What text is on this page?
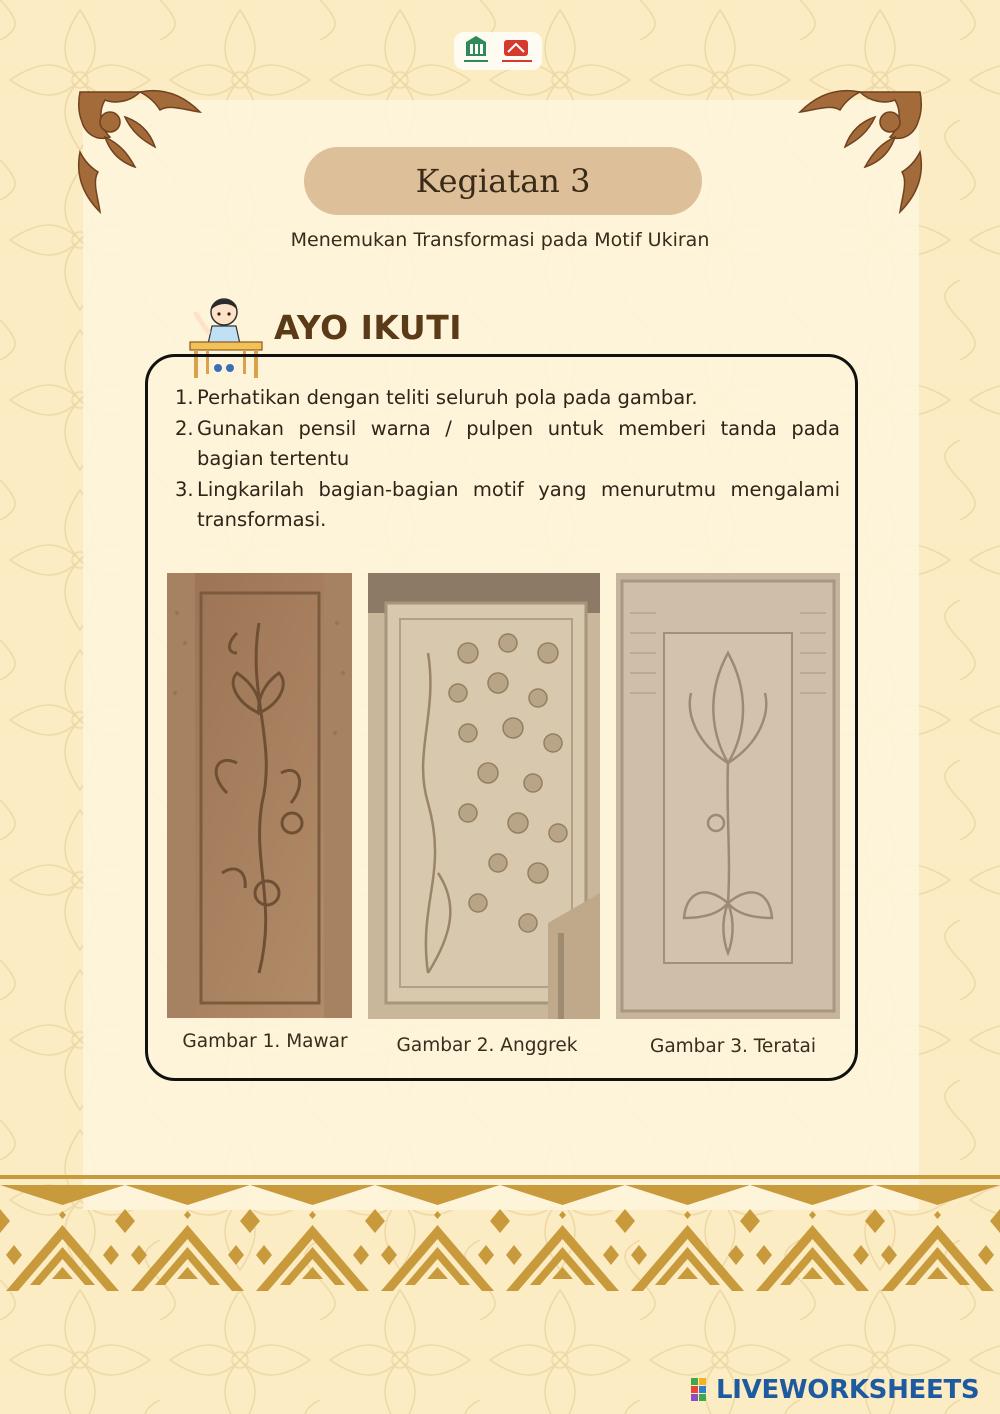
Kegiatan 3
Menemukan Transformasi pada Motif Ukiran
AYO IKUTI
1. Perhatikan dengan teliti seluruh pola pada gambar.
2. Gunakan pensil warna / pulpen untuk memberi tanda pada bagian tertentu
3. Lingkarilah bagian-bagian motif yang menurutmu mengalami transformasi.
Gambar 1. Mawar	Gambar 2. Anggrek	Gambar 3. Teratai
LIVEWORKSHEETS
